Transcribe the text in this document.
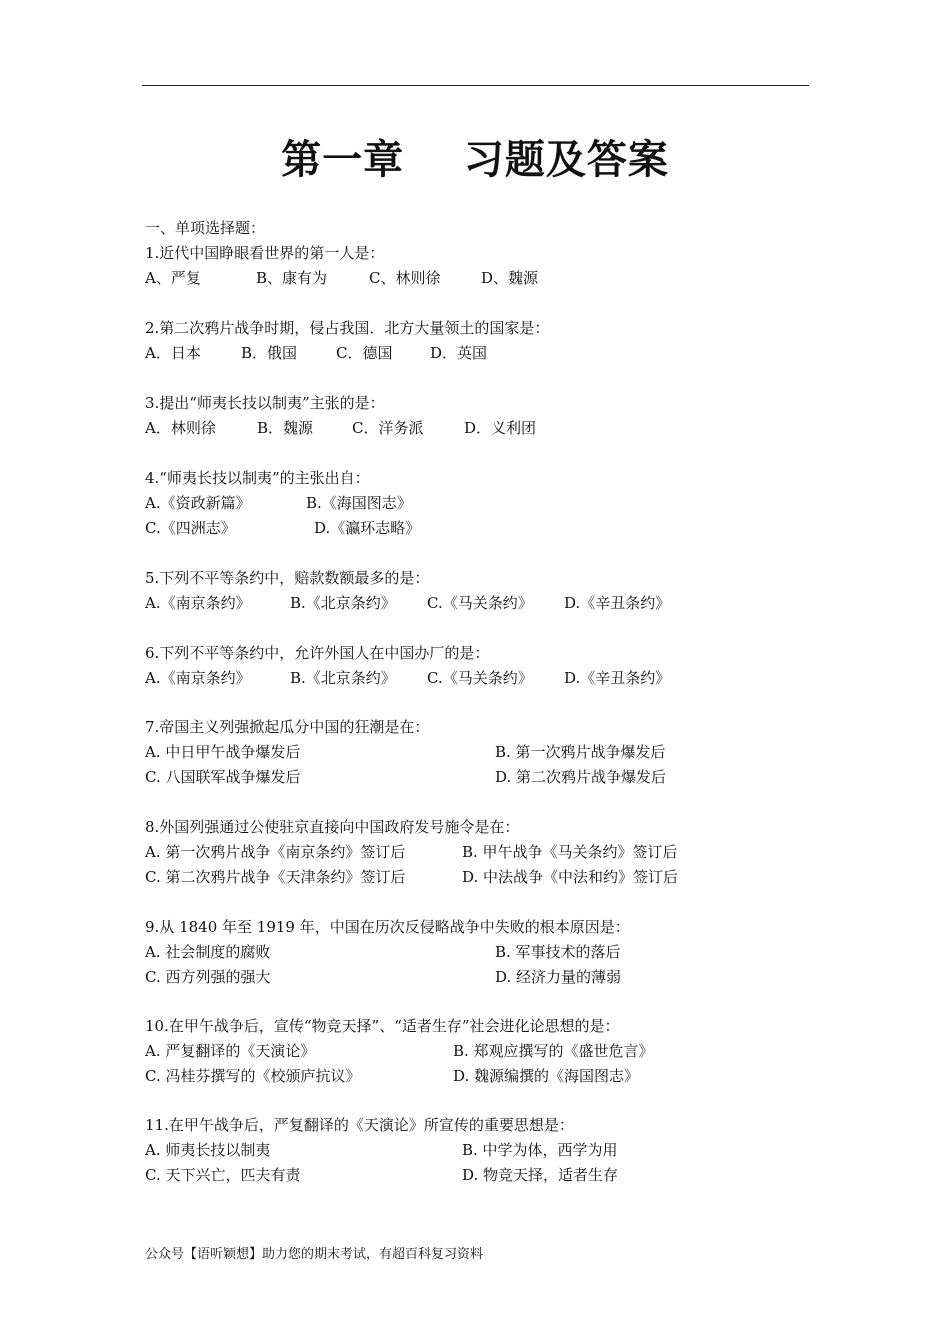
第一章    习题及答案
一、单项选择题：
1.近代中国睁眼看世界的第一人是：
A、严复	B、康有为	C、林则徐	D、魏源
2.第二次鸦片战争时期，侵占我国．北方大量领土的国家是：
A．日本	B．俄国	C．德国	D．英国
3.提出“师夷长技以制夷”主张的是：
A．林则徐	B．魏源	C．洋务派	D．义利团
4.“师夷长技以制夷”的主张出自：
A.《资政新篇》	B.《海国图志》
C.《四洲志》	D.《瀛环志略》
5.下列不平等条约中，赔款数额最多的是：
A.《南京条约》	B.《北京条约》 C.《马关条约》 D.《辛丑条约》
6.下列不平等条约中，允许外国人在中国办厂的是：
A.《南京条约》	B.《北京条约》 C.《马关条约》 D.《辛丑条约》
7.帝国主义列强掀起瓜分中国的狂潮是在：
A. 中日甲午战争爆发后	B. 第一次鸦片战争爆发后
C. 八国联军战争爆发后	D. 第二次鸦片战争爆发后
8.外国列强通过公使驻京直接向中国政府发号施令是在：
A. 第一次鸦片战争《南京条约》签订后	B. 甲午战争《马关条约》签订后
C. 第二次鸦片战争《天津条约》签订后	D. 中法战争《中法和约》签订后
9.从 1840 年至 1919 年，中国在历次反侵略战争中失败的根本原因是：
A. 社会制度的腐败	B. 军事技术的落后
C. 西方列强的强大	D. 经济力量的薄弱
10.在甲午战争后，宣传“物竞天择”、“适者生存”社会进化论思想的是：
A. 严复翻译的《天演论》	B. 郑观应撰写的《盛世危言》
C. 冯桂芬撰写的《校颁庐抗议》	D. 魏源编撰的《海国图志》
11.在甲午战争后，严复翻译的《天演论》所宣传的重要思想是：
A. 师夷长技以制夷	B. 中学为体，西学为用
C. 天下兴亡，匹夫有责	D. 物竞天择，适者生存
公众号【语听颖想】助力您的期末考试，有超百科复习资料
